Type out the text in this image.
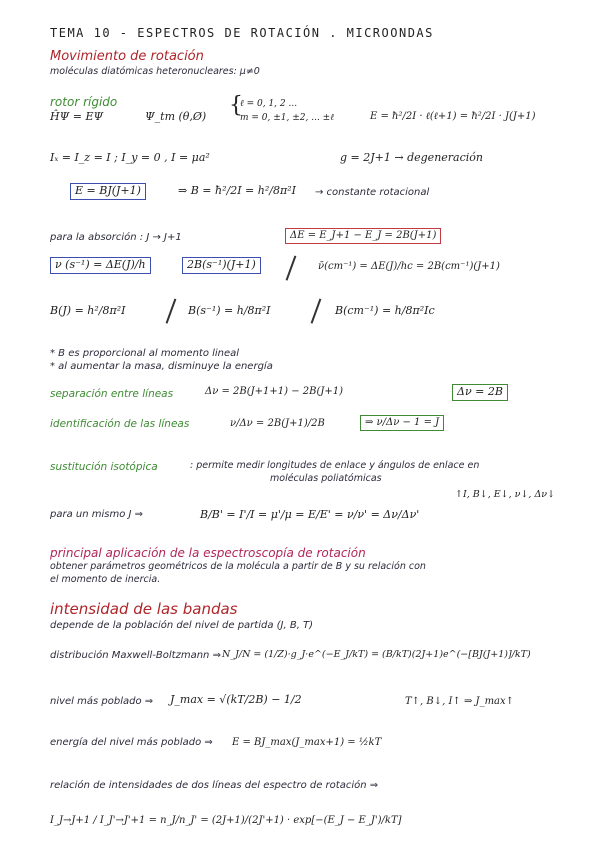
TEMA 10 - ESPECTROS DE ROTACIÓN . MICROONDAS
Movimiento de rotación
moléculas diatómicas heteronucleares: μ≠0
rotor rígido
ĤΨ = EΨ	Ψ_tm (θ,Ø) {
ℓ = 0, 1, 2 ...
m = 0, ±1, ±2, ... ±ℓ	E = ħ²/2I · ℓ(ℓ+1) = ħ²/2I · J(J+1)
Iₓ = I_z = I ; I_y = 0 , I = μa²	g = 2J+1 → degeneración
E = BJ(J+1)	⇒ B = ħ²/2I = h²/8π²I → constante rotacional
para la absorción : J → J+1	ΔE = E_J+1 − E_J = 2B(J+1)
ν (s⁻¹) = ΔE(J)/h	2B(s⁻¹)(J+1)	ν̄(cm⁻¹) = ΔE(J)/hc = 2B(cm⁻¹)(J+1)
B(J) = h²/8π²I	B(s⁻¹) = h/8π²I	B(cm⁻¹) = h/8π²Ic
* B es proporcional al momento lineal
* al aumentar la masa, disminuye la energía
separación entre líneas	Δν = 2B(J+1+1) − 2B(J+1)	Δν = 2B
identificación de las líneas	ν/Δν = 2B(J+1)/2B	⇒ ν/Δν − 1 = J
sustitución isotópica	: permite medir longitudes de enlace y ángulos de enlace en
moléculas poliatómicas
↑I, B↓, E↓, ν↓, Δν↓
para un mismo J ⇒	B/B' = I'/I = μ'/μ = E/E' = ν/ν' = Δν/Δν'
principal aplicación de la espectroscopía de rotación
obtener parámetros geométricos de la molécula a partir de B y su relación con
el momento de inercia.
intensidad de las bandas
depende de la población del nivel de partida (J, B, T)
distribución Maxwell-Boltzmann ⇒ N_J/N = (1/Z)·g_J·e^(−E_J/kT) = (B/kT)(2J+1)e^(−[BJ(J+1)]/kT)
nivel más poblado ⇒ J_max = √(kT/2B) − 1/2	T↑, B↓, I↑ ⇒ J_max↑
energía del nivel más poblado ⇒ E = BJ_max(J_max+1) = ½kT
relación de intensidades de dos líneas del espectro de rotación ⇒
I_J→J+1 / I_J'→J'+1 = n_J/n_J' = (2J+1)/(2J'+1) · exp[−(E_J − E_J')/kT]
